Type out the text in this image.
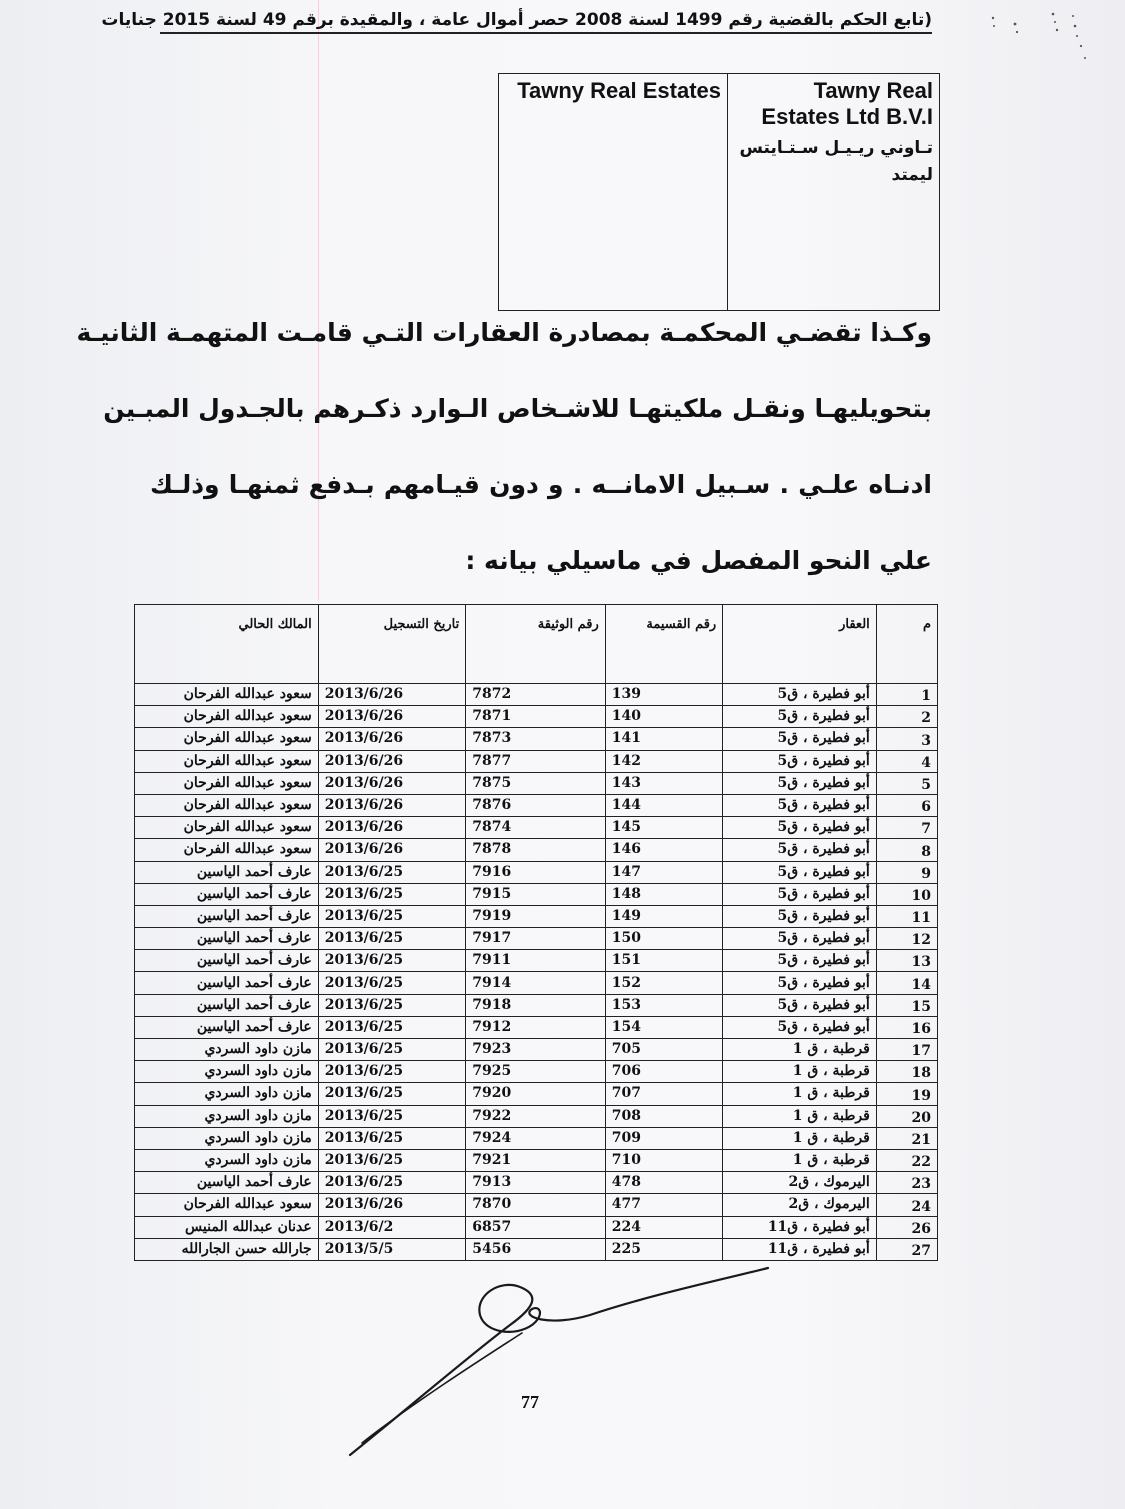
(تابع الحكم بالقضية رقم 1499 لسنة 2008 حصر أموال عامة ، والمقيدة برقم 49 لسنة 2015 جنايات
Tawny Real Estates Ltd B.V.I
تـاوني ريـيـل سـتـايتس ليمتد
Tawny Real Estates
وكـذا تقضـي المحكمـة بمصادرة العقارات التـي قامـت المتهمـة الثانيـة
بتحويليهـا ونقـل ملكيتهـا للاشـخاص الـوارد ذكـرهم بالجـدول المبـين
ادنـاه علـي . سـبيل الامانــه . و دون قيـامهم بـدفع ثمنهـا وذلـك
علي النحو المفصل في ماسيلي بيانه :
م	العقار	رقم القسيمة	رقم الوثيقة	تاريخ التسجيل	المالك الحالي
1	أبو فطيرة ، ق5	139	7872	2013/6/26	سعود عبدالله الفرحان
2	أبو فطيرة ، ق5	140	7871	2013/6/26	سعود عبدالله الفرحان
3	أبو فطيرة ، ق5	141	7873	2013/6/26	سعود عبدالله الفرحان
4	أبو فطيرة ، ق5	142	7877	2013/6/26	سعود عبدالله الفرحان
5	أبو فطيرة ، ق5	143	7875	2013/6/26	سعود عبدالله الفرحان
6	أبو فطيرة ، ق5	144	7876	2013/6/26	سعود عبدالله الفرحان
7	أبو فطيرة ، ق5	145	7874	2013/6/26	سعود عبدالله الفرحان
8	أبو فطيرة ، ق5	146	7878	2013/6/26	سعود عبدالله الفرحان
9	أبو فطيرة ، ق5	147	7916	2013/6/25	عارف أحمد الياسين
10	أبو فطيرة ، ق5	148	7915	2013/6/25	عارف أحمد الياسين
11	أبو فطيرة ، ق5	149	7919	2013/6/25	عارف أحمد الياسين
12	أبو فطيرة ، ق5	150	7917	2013/6/25	عارف أحمد الياسين
13	أبو فطيرة ، ق5	151	7911	2013/6/25	عارف أحمد الياسين
14	أبو فطيرة ، ق5	152	7914	2013/6/25	عارف أحمد الياسين
15	أبو فطيرة ، ق5	153	7918	2013/6/25	عارف أحمد الياسين
16	أبو فطيرة ، ق5	154	7912	2013/6/25	عارف أحمد الياسين
17	قرطبة ، ق 1	705	7923	2013/6/25	مازن داود السردي
18	قرطبة ، ق 1	706	7925	2013/6/25	مازن داود السردي
19	قرطبة ، ق 1	707	7920	2013/6/25	مازن داود السردي
20	قرطبة ، ق 1	708	7922	2013/6/25	مازن داود السردي
21	قرطبة ، ق 1	709	7924	2013/6/25	مازن داود السردي
22	قرطبة ، ق 1	710	7921	2013/6/25	مازن داود السردي
23	اليرموك ، ق2	478	7913	2013/6/25	عارف أحمد الياسين
24	اليرموك ، ق2	477	7870	2013/6/26	سعود عبدالله الفرحان
26	أبو فطيرة ، ق11	224	6857	2013/6/2	عدنان عبدالله المنيس
27	أبو فطيرة ، ق11	225	5456	2013/5/5	جارالله حسن الجارالله
77
